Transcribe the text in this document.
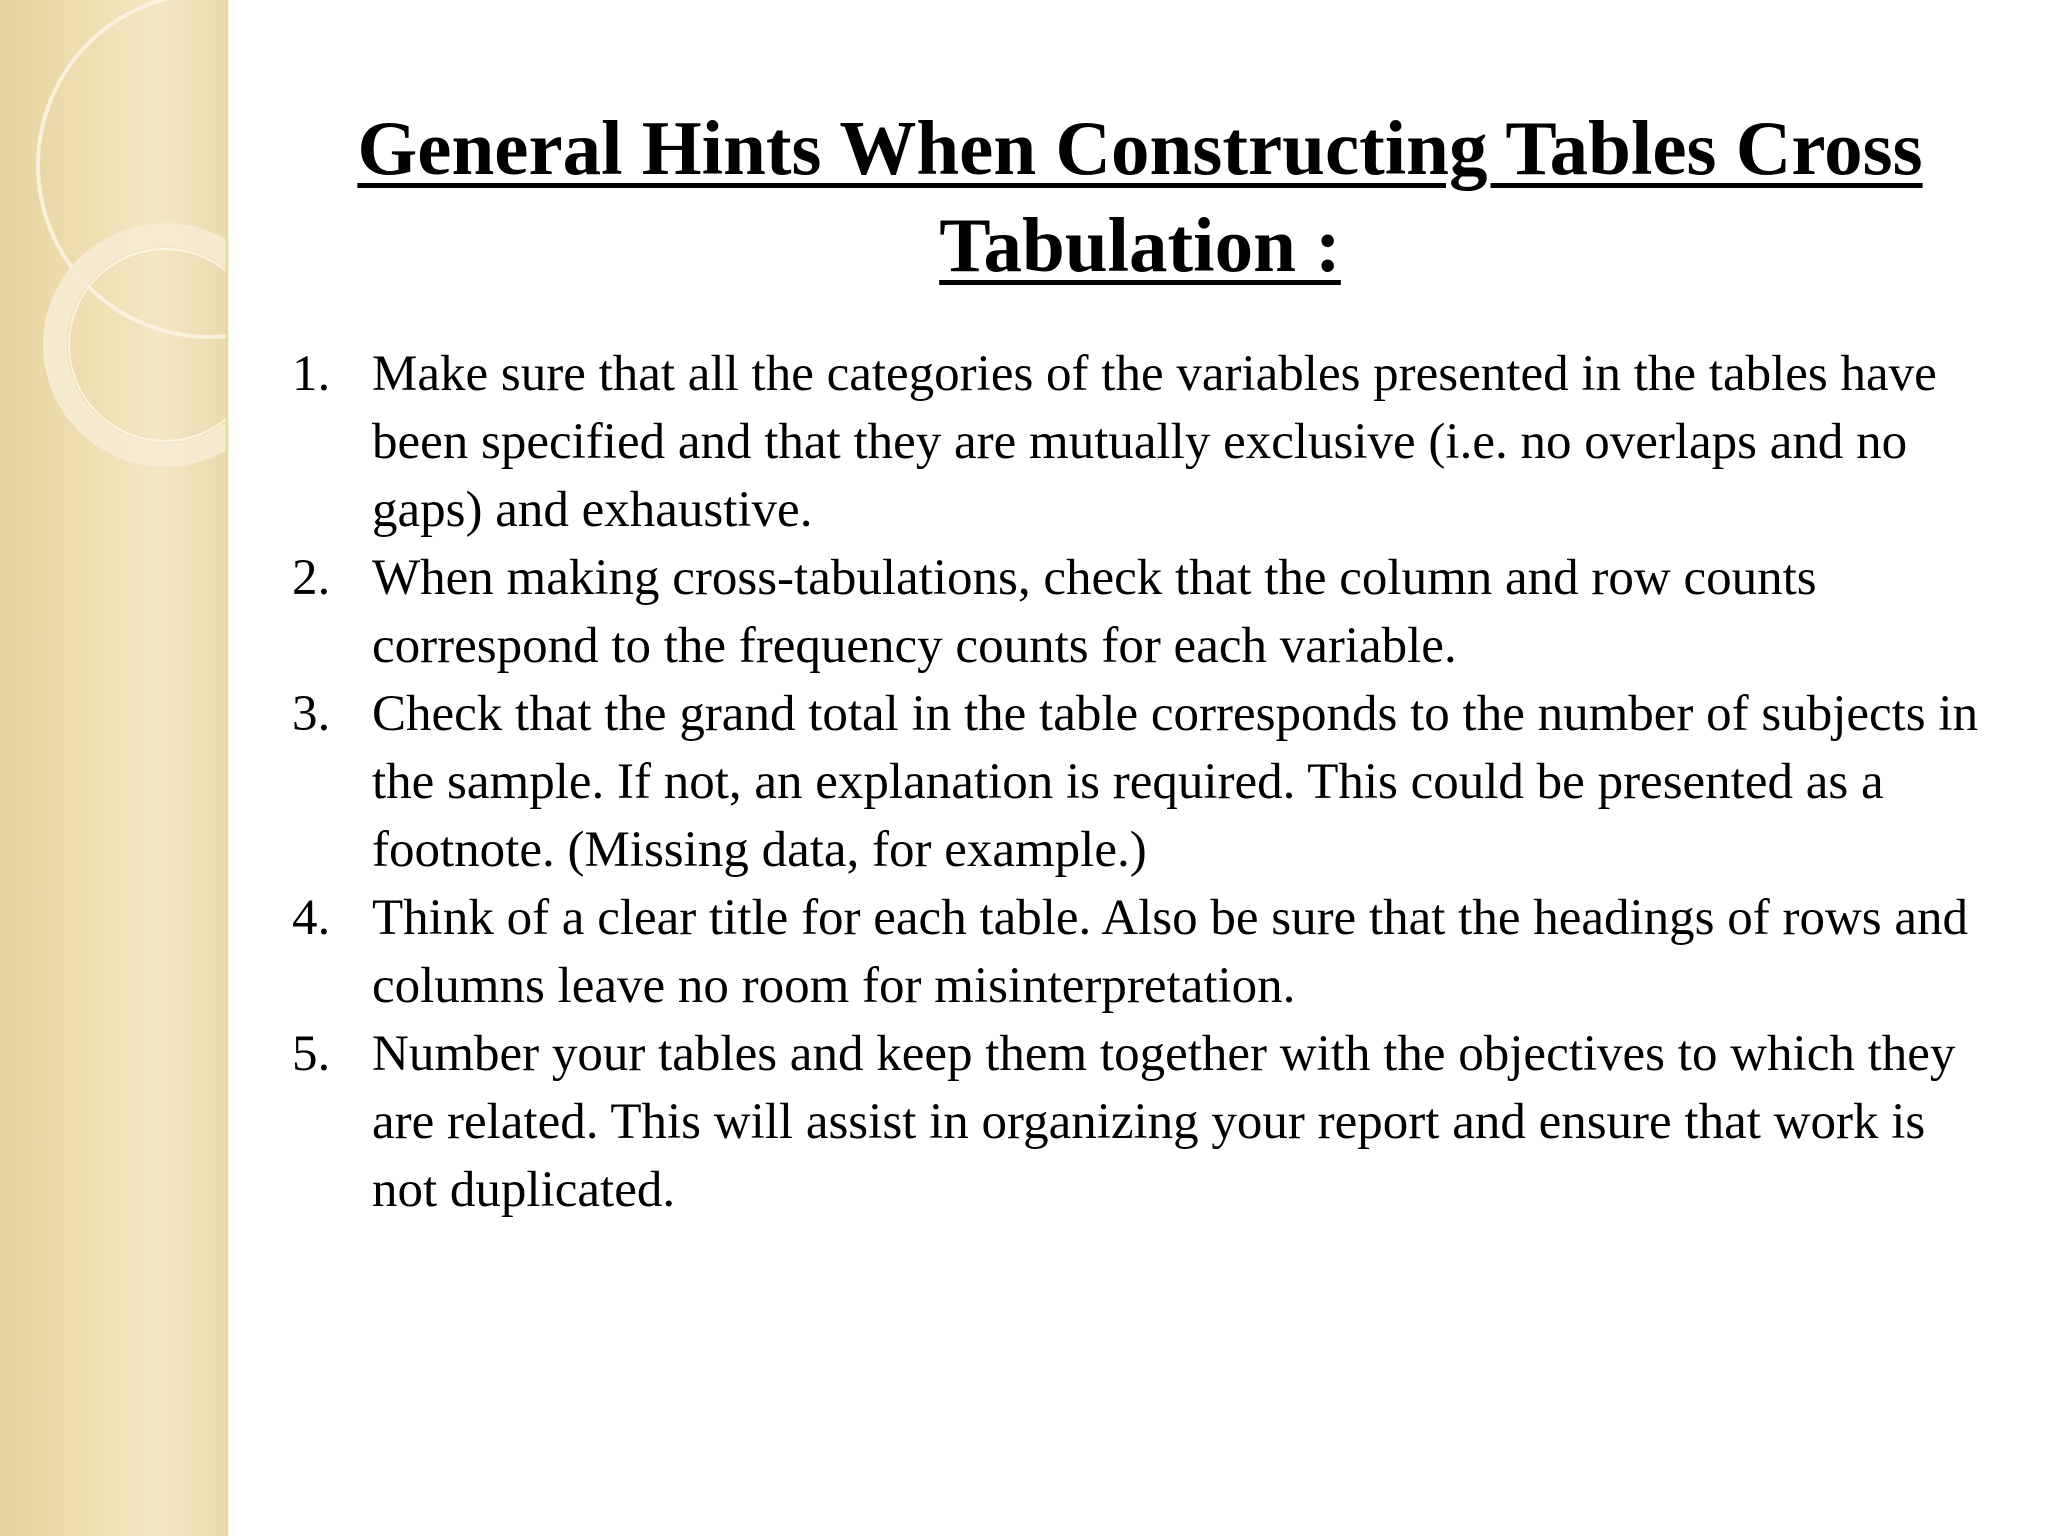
General Hints When Constructing Tables Cross Tabulation :
1. Make sure that all the categories of the variables presented in the tables have been specified and that they are mutually exclusive (i.e. no overlaps and no gaps) and exhaustive.
2. When making cross-tabulations, check that the column and row counts correspond to the frequency counts for each variable.
3. Check that the grand total in the table corresponds to the number of subjects in the sample. If not, an explanation is required. This could be presented as a footnote. (Missing data, for example.)
4. Think of a clear title for each table. Also be sure that the headings of rows and columns leave no room for misinterpretation.
5. Number your tables and keep them together with the objectives to which they are related. This will assist in organizing your report and ensure that work is not duplicated.
